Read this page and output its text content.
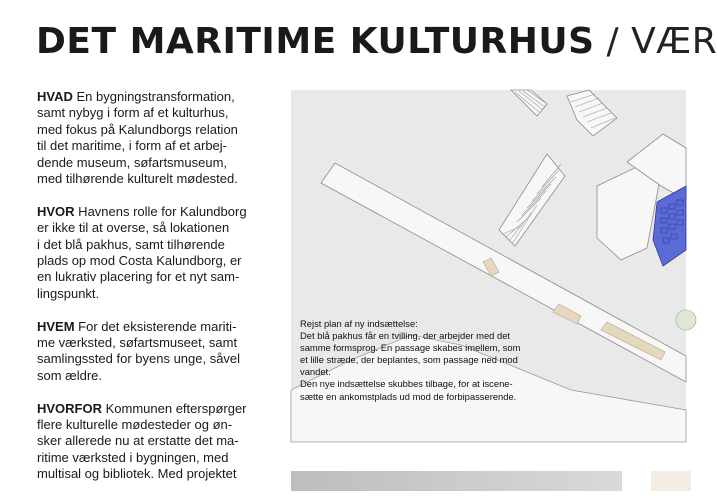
DET MARITIME KULTURHUS / VÆR

HVAD En bygningstransformation,
samt nybyg i form af et kulturhus,
med fokus på Kalundborgs relation
til det maritime, i form af et arbej-
dende museum, søfartsmuseum,
med tilhørende kulturelt mødested.

HVOR Havnens rolle for Kalundborg
er ikke til at overse, så lokationen
i det blå pakhus, samt tilhørende
plads op mod Costa Kalundborg, er
en lukrativ placering for et nyt sam-
lingspunkt.

HVEM For det eksisterende mariti-
me værksted, søfartsmuseet, samt
samlingssted for byens unge, såvel
som ældre.

HVORFOR Kommunen efterspørger
flere kulturelle mødesteder og øn-
sker allerede nu at erstatte det ma-
ritime værksted i bygningen, med
multisal og bibliotek. Med projektet

Rejst plan af ny indsættelse:
Det blå pakhus får en tvilling, der arbejder med det
samme formsprog. En passage skabes imellem, som
et lille stræde, der beplantes, som passage ned mod
vandet.
Den nye indsættelse skubbes tilbage, for at iscene-
sætte en ankomstplads ud mod de forbipasserende.
